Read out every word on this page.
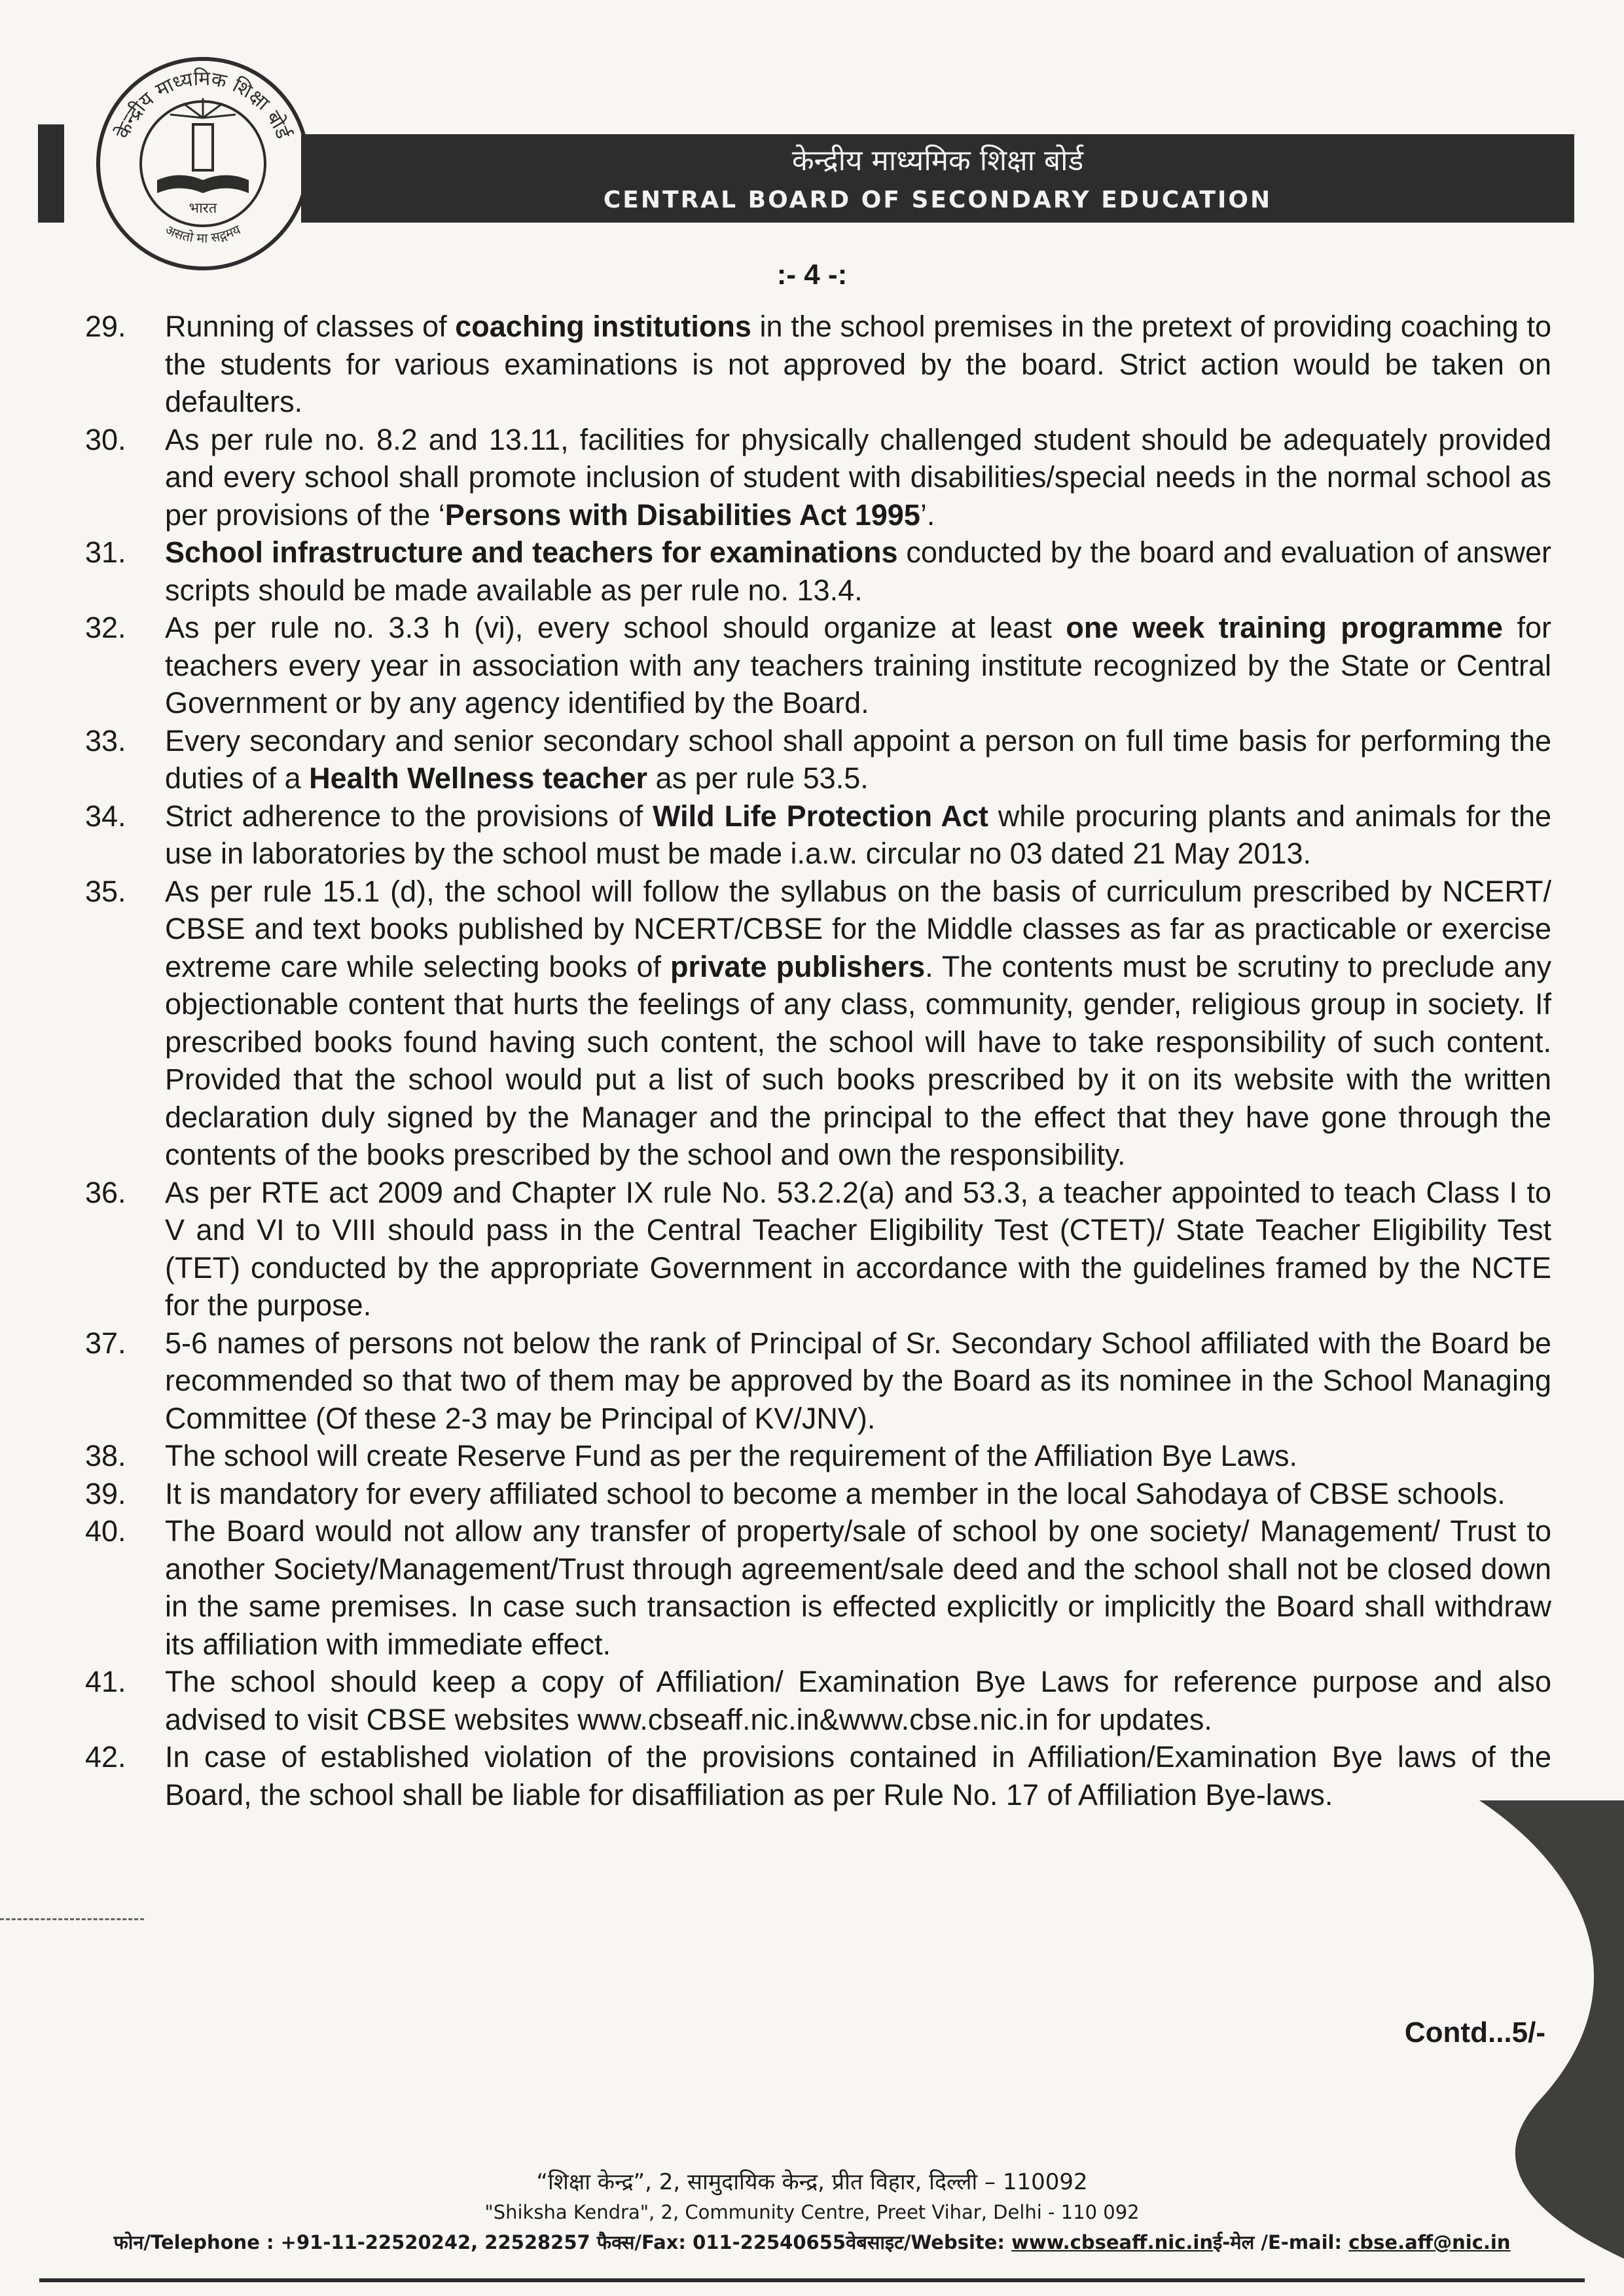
केन्द्रीय माध्यमिक शिक्षा बोर्ड
भारत
असतो मा सद्गमय
केन्द्रीय माध्यमिक शिक्षा बोर्ड
CENTRAL BOARD OF SECONDARY EDUCATION
:- 4 -:
29.	Running of classes of coaching institutions in the school premises in the pretext of providing coaching to the students for various examinations is not approved by the board. Strict action would be taken on defaulters.
30.	As per rule no. 8.2 and 13.11, facilities for physically challenged student should be adequately provided and every school shall promote inclusion of student with disabilities/special needs in the normal school as per provisions of the ‘Persons with Disabilities Act 1995’.
31.	School infrastructure and teachers for examinations conducted by the board and evaluation of answer scripts should be made available as per rule no. 13.4.
32.	As per rule no. 3.3 h (vi), every school should organize at least one week training programme for teachers every year in association with any teachers training institute recognized by the State or Central Government or by any agency identified by the Board.
33.	Every secondary and senior secondary school shall appoint a person on full time basis for performing the duties of a Health Wellness teacher as per rule 53.5.
34.	Strict adherence to the provisions of Wild Life Protection Act while procuring plants and animals for the use in laboratories by the school must be made i.a.w. circular no 03 dated 21 May 2013.
35.	As per rule 15.1 (d), the school will follow the syllabus on the basis of curriculum prescribed by NCERT/ CBSE and text books published by NCERT/CBSE for the Middle classes as far as practicable or exercise extreme care while selecting books of private publishers. The contents must be scrutiny to preclude any objectionable content that hurts the feelings of any class, community, gender, religious group in society. If prescribed books found having such content, the school will have to take responsibility of such content. Provided that the school would put a list of such books prescribed by it on its website with the written declaration duly signed by the Manager and the principal to the effect that they have gone through the contents of the books prescribed by the school and own the responsibility.
36.	As per RTE act 2009 and Chapter IX rule No. 53.2.2(a) and 53.3, a teacher appointed to teach Class I to V and VI to VIII should pass in the Central Teacher Eligibility Test (CTET)/ State Teacher Eligibility Test (TET) conducted by the appropriate Government in accordance with the guidelines framed by the NCTE for the purpose.
37.	5-6 names of persons not below the rank of Principal of Sr. Secondary School affiliated with the Board be recommended so that two of them may be approved by the Board as its nominee in the School Managing Committee (Of these 2-3 may be Principal of KV/JNV).
38.	The school will create Reserve Fund as per the requirement of the Affiliation Bye Laws.
39.	It is mandatory for every affiliated school to become a member in the local Sahodaya of CBSE schools.
40.	The Board would not allow any transfer of property/sale of school by one society/ Management/ Trust to another Society/Management/Trust through agreement/sale deed and the school shall not be closed down in the same premises. In case such transaction is effected explicitly or implicitly the Board shall withdraw its affiliation with immediate effect.
41.	The school should keep a copy of Affiliation/ Examination Bye Laws for reference purpose and also advised to visit CBSE websites www.cbseaff.nic.in&www.cbse.nic.in for updates.
42.	In case of established violation of the provisions contained in Affiliation/Examination Bye laws of the Board, the school shall be liable for disaffiliation as per Rule No. 17 of Affiliation Bye-laws.
Contd...5/-
“शिक्षा केन्द्र”, 2, सामुदायिक केन्द्र, प्रीत विहार, दिल्ली – 110092
"Shiksha Kendra", 2, Community Centre, Preet Vihar, Delhi - 110 092
फोन/Telephone : +91-11-22520242, 22528257 फैक्स/Fax: 011-22540655वेबसाइट/Website: www.cbseaff.nic.inई-मेल /E-mail: cbse.aff@nic.in
